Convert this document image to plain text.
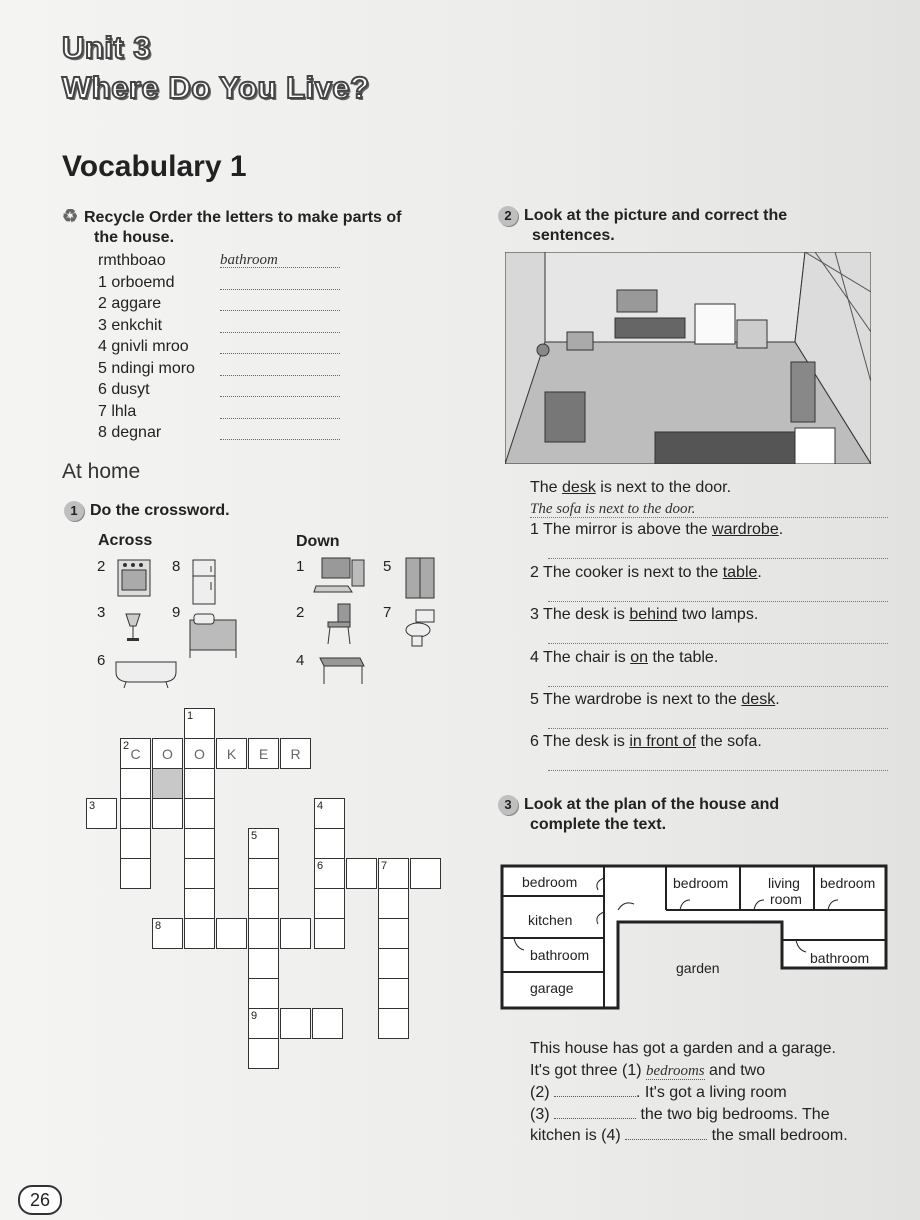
Unit 3
Where Do You Live?
Vocabulary 1
♻ Recycle Order the letters to make parts of
the house.
rmthboao	bathroom
1 orboemd
2 aggare
3 enkchit
4 gnivli mroo
5 ndingi moro
6 dusyt
7 lhla
8 degnar
At home
1 Do the crossword.
Across	Down
2	8
3	9
6
1	5
2	7
4
1
2 C	O	O	K	E	R
3	4
5
6	7
8
9
2 Look at the picture and correct the
sentences.
The desk is next to the door.
The sofa is next to the door.
1 The mirror is above the wardrobe.
2 The cooker is next to the table.
3 The desk is behind two lamps.
4 The chair is on the table.
5 The wardrobe is next to the desk.
6 The desk is in front of the sofa.
3 Look at the plan of the house and
complete the text.
bedroom
kitchen
bathroom
garage
garden
bedroom	living
room
bedroom
bathroom
This house has got a garden and a garage.
It's got three (1) bedrooms and two
(2)	. It's got a living room
(3)	the two big bedrooms. The
kitchen is (4)	the small bedroom.
26
